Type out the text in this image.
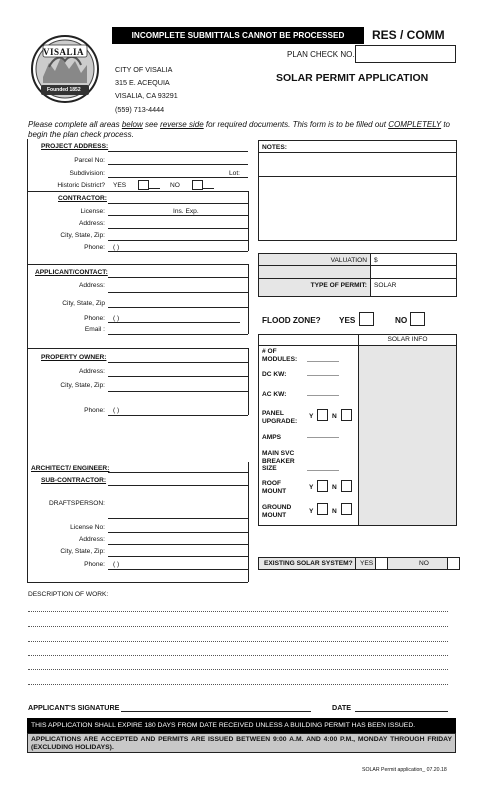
INCOMPLETE SUBMITTALS CANNOT BE PROCESSED	RES / COMM
PLAN CHECK NO.
SOLAR PERMIT APPLICATION
VISALIA
Founded 1852
CITY OF VISALIA
315 E. ACEQUIA
VISALIA, CA 93291
(559) 713-4444
Please complete all areas below see reverse side for required documents. This form is to be filled out COMPLETELY to begin the plan check process.
PROJECT ADDRESS:
Parcel No:
Subdivision:	Lot:
Historic District? YES	NO
CONTRACTOR:
License:	Ins. Exp.
Address:
City, State, Zip:
Phone: ( )
APPLICANT/CONTACT:
Address:
City, State, Zip
Phone: ( )
Email :
PROPERTY OWNER:
Address:
City, State, Zip:
Phone: ( )
ARCHITECT/ ENGINEER:
SUB-CONTRACTOR:
DRAFTSPERSON:
License No:
Address:
City, State, Zip:
Phone: ( )
NOTES:
VALUATION $
TYPE OF PERMIT: SOLAR
FLOOD ZONE? YES	NO
SOLAR INFO
# OF MODULES:
DC KW:
AC KW:
PANEL UPGRADE:
Y	N
AMPS
MAIN SVC BREAKER SIZE
ROOF MOUNT	Y	N
GROUND MOUNT	Y	N
EXISTING SOLAR SYSTEM? YES	NO
DESCRIPTION OF WORK:
APPLICANT'S SIGNATURE	DATE
THIS APPLICATION SHALL EXPIRE 180 DAYS FROM DATE RECEIVED UNLESS A BUILDING PERMIT HAS BEEN ISSUED.
APPLICATIONS ARE ACCEPTED AND PERMITS ARE ISSUED BETWEEN 9:00 A.M. AND 4:00 P.M., MONDAY THROUGH FRIDAY (EXCLUDING HOLIDAYS).
SOLAR Permit application_ 07.20.18
